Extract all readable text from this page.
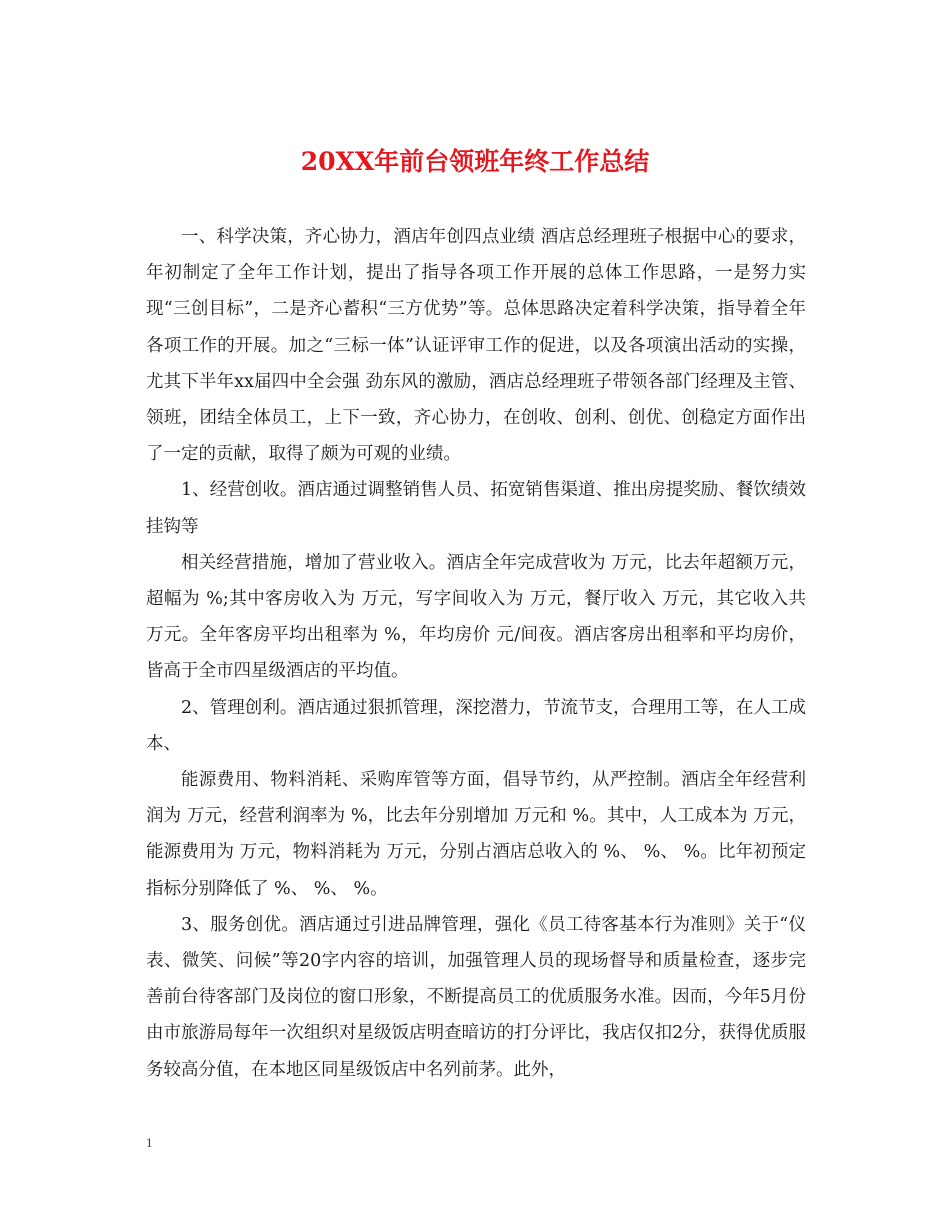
20XX年前台领班年终工作总结

一、科学决策，齐心协力，酒店年创四点业绩 酒店总经理班子根据中心的要求，年初制定了全年工作计划，提出了指导各项工作开展的总体工作思路，一是努力实现“三创目标”，二是齐心蓄积“三方优势”等。总体思路决定着科学决策，指导着全年各项工作的开展。加之“三标一体”认证评审工作的促进，以及各项演出活动的实操，尤其下半年xx届四中全会强 劲东风的激励，酒店总经理班子带领各部门经理及主管、领班，团结全体员工，上下一致，齐心协力，在创收、创利、创优、创稳定方面作出了一定的贡献，取得了颇为可观的业绩。

1、经营创收。酒店通过调整销售人员、拓宽销售渠道、推出房提奖励、餐饮绩效挂钩等

相关经营措施，增加了营业收入。酒店全年完成营收为 万元，比去年超额万元，超幅为 %;其中客房收入为 万元，写字间收入为 万元，餐厅收入 万元，其它收入共 万元。全年客房平均出租率为 %，年均房价 元/间夜。酒店客房出租率和平均房价，皆高于全市四星级酒店的平均值。

2、管理创利。酒店通过狠抓管理，深挖潜力，节流节支，合理用工等，在人工成本、

能源费用、物料消耗、采购库管等方面，倡导节约，从严控制。酒店全年经营利润为 万元，经营利润率为 %，比去年分别增加 万元和 %。其中，人工成本为 万元，能源费用为 万元，物料消耗为 万元，分别占酒店总收入的 %、 %、 %。比年初预定指标分别降低了 %、 %、 %。

3、服务创优。酒店通过引进品牌管理，强化《员工待客基本行为准则》关于“仪表、微笑、问候”等20字内容的培训，加强管理人员的现场督导和质量检查，逐步完善前台待客部门及岗位的窗口形象，不断提高员工的优质服务水准。因而，今年5月份由市旅游局每年一次组织对星级饭店明查暗访的打分评比，我店仅扣2分，获得优质服务较高分值，在本地区同星级饭店中名列前茅。此外，

1
